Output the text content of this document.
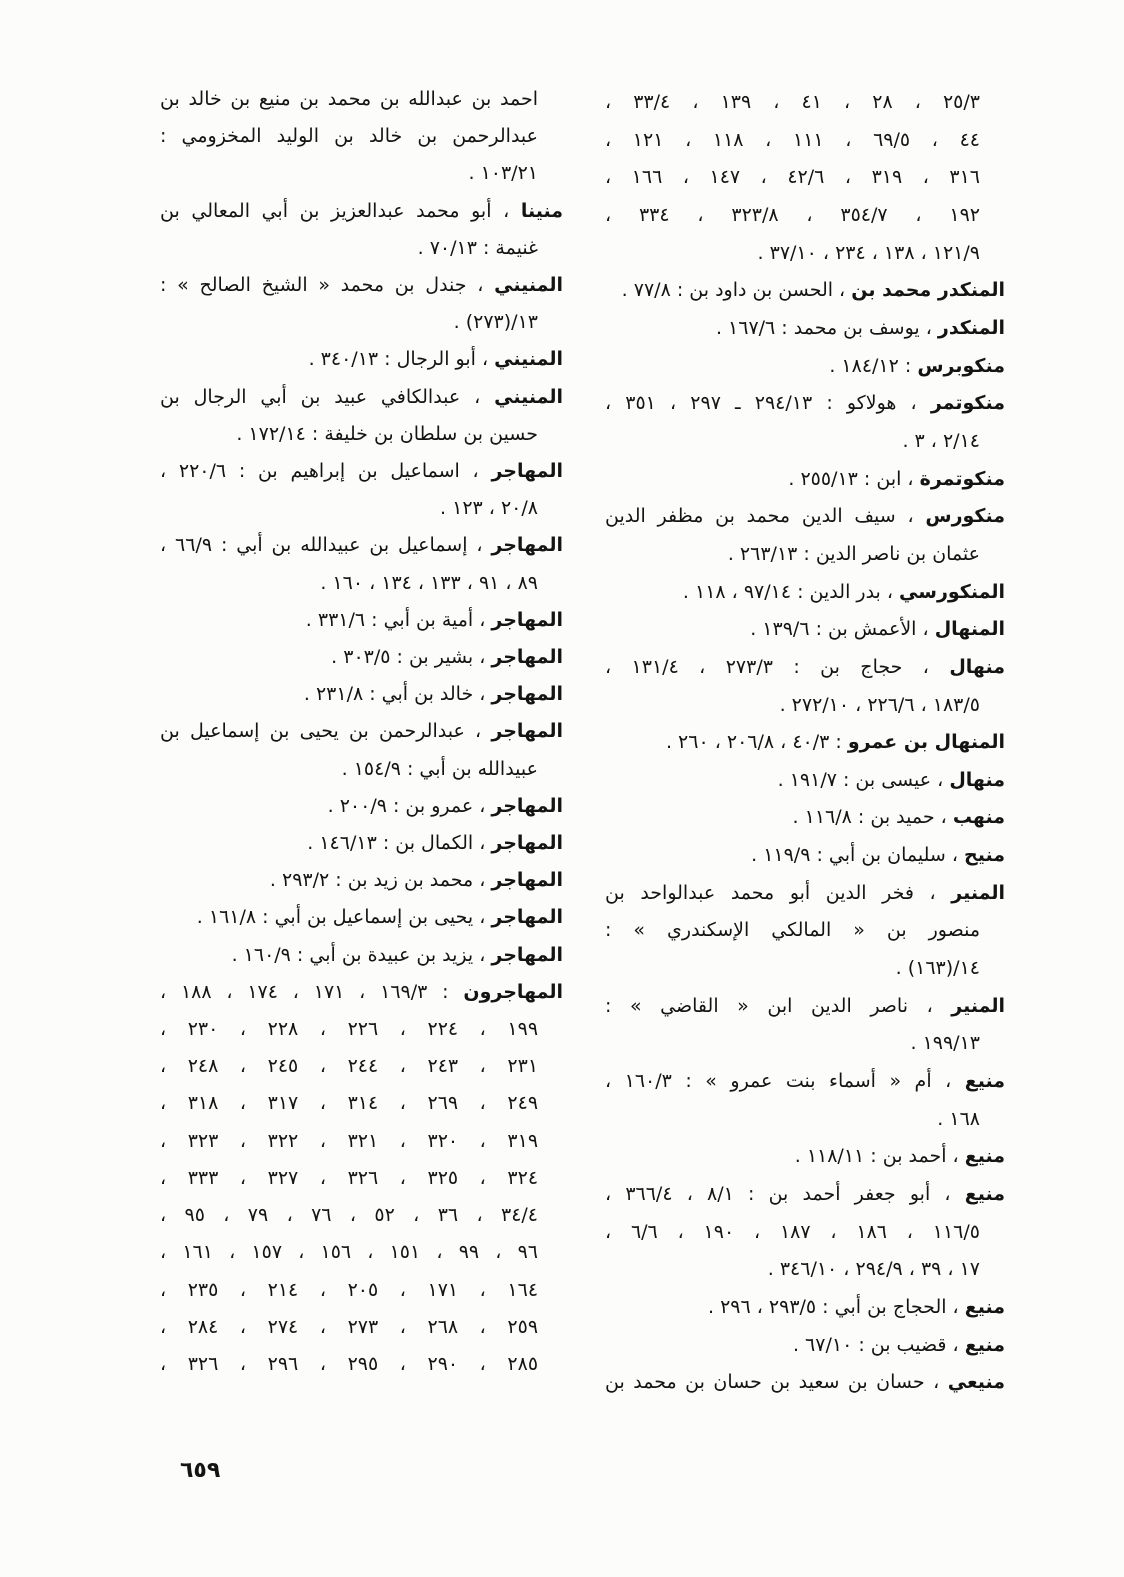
٢٥/٣ ، ٢٨ ، ٤١ ، ١٣٩ ، ٣٣/٤ ،
٤٤ ، ٦٩/٥ ، ١١١ ، ١١٨ ، ١٢١ ،
٣١٦ ، ٣١٩ ، ٤٢/٦ ، ١٤٧ ، ١٦٦ ،
١٩٢ ، ٣٥٤/٧ ، ٣٢٣/٨ ، ٣٣٤ ،
١٢١/٩ ، ١٣٨ ، ٢٣٤ ، ٣٧/١٠ .
المنكدر محمد بن ، الحسن بن داود بن : ٧٧/٨ .
المنكدر ، يوسف بن محمد : ١٦٧/٦ .
منكوبرس : ١٨٤/١٢ .
منكوتمر ، هولاكو : ٢٩٤/١٣ ـ ٢٩٧ ، ٣٥١ ،
٢/١٤ ، ٣ .
منكوتمرة ، ابن : ٢٥٥/١٣ .
منكورس ، سيف الدين محمد بن مظفر الدين
عثمان بن ناصر الدين : ٢٦٣/١٣ .
المنكورسي ، بدر الدين : ٩٧/١٤ ، ١١٨ .
المنهال ، الأعمش بن : ١٣٩/٦ .
منهال ، حجاج بن : ٢٧٣/٣ ، ١٣١/٤ ،
١٨٣/٥ ، ٢٢٦/٦ ، ٢٧٢/١٠ .
المنهال بن عمرو : ٤٠/٣ ، ٢٠٦/٨ ، ٢٦٠ .
منهال ، عيسى بن : ١٩١/٧ .
منهب ، حميد بن : ١١٦/٨ .
منيح ، سليمان بن أبي : ١١٩/٩ .
المنير ، فخر الدين أبو محمد عبدالواحد بن
منصور بن « المالكي الإسكندري » :
١٤/(١٦٣) .
المنير ، ناصر الدين ابن « القاضي » :
١٩٩/١٣ .
منيع ، أم « أسماء بنت عمرو » : ١٦٠/٣ ،
١٦٨ .
منيع ، أحمد بن : ١١٨/١١ .
منيع ، أبو جعفر أحمد بن : ٨/١ ، ٣٦٦/٤ ،
١١٦/٥ ، ١٨٦ ، ١٨٧ ، ١٩٠ ، ٦/٦ ،
١٧ ، ٣٩ ، ٢٩٤/٩ ، ٣٤٦/١٠ .
منيع ، الحجاج بن أبي : ٢٩٣/٥ ، ٢٩٦ .
منيع ، قضيب بن : ٦٧/١٠ .
منيعي ، حسان بن سعيد بن حسان بن محمد بن
احمد بن عبدالله بن محمد بن منيع بن خالد بن
عبدالرحمن بن خالد بن الوليد المخزومي :
١٠٣/٢١ .
منينا ، أبو محمد عبدالعزيز بن أبي المعالي بن
غنيمة : ٧٠/١٣ .
المنيني ، جندل بن محمد « الشيخ الصالح » :
١٣/(٢٧٣) .
المنيني ، أبو الرجال : ٣٤٠/١٣ .
المنيني ، عبدالكافي عبيد بن أبي الرجال بن
حسين بن سلطان بن خليفة : ١٧٢/١٤ .
المهاجر ، اسماعيل بن إبراهيم بن : ٢٢٠/٦ ،
٢٠/٨ ، ١٢٣ .
المهاجر ، إسماعيل بن عبيدالله بن أبي : ٦٦/٩ ،
٨٩ ، ٩١ ، ١٣٣ ، ١٣٤ ، ١٦٠ .
المهاجر ، أمية بن أبي : ٣٣١/٦ .
المهاجر ، بشير بن : ٣٠٣/٥ .
المهاجر ، خالد بن أبي : ٢٣١/٨ .
المهاجر ، عبدالرحمن بن يحيى بن إسماعيل بن
عبيدالله بن أبي : ١٥٤/٩ .
المهاجر ، عمرو بن : ٢٠٠/٩ .
المهاجر ، الكمال بن : ١٤٦/١٣ .
المهاجر ، محمد بن زيد بن : ٢٩٣/٢ .
المهاجر ، يحيى بن إسماعيل بن أبي : ١٦١/٨ .
المهاجر ، يزيد بن عبيدة بن أبي : ١٦٠/٩ .
المهاجرون : ١٦٩/٣ ، ١٧١ ، ١٧٤ ، ١٨٨ ،
١٩٩ ، ٢٢٤ ، ٢٢٦ ، ٢٢٨ ، ٢٣٠ ،
٢٣١ ، ٢٤٣ ، ٢٤٤ ، ٢٤٥ ، ٢٤٨ ،
٢٤٩ ، ٢٦٩ ، ٣١٤ ، ٣١٧ ، ٣١٨ ،
٣١٩ ، ٣٢٠ ، ٣٢١ ، ٣٢٢ ، ٣٢٣ ،
٣٢٤ ، ٣٢٥ ، ٣٢٦ ، ٣٢٧ ، ٣٣٣ ،
٣٤/٤ ، ٣٦ ، ٥٢ ، ٧٦ ، ٧٩ ، ٩٥ ،
٩٦ ، ٩٩ ، ١٥١ ، ١٥٦ ، ١٥٧ ، ١٦١ ،
١٦٤ ، ١٧١ ، ٢٠٥ ، ٢١٤ ، ٢٣٥ ،
٢٥٩ ، ٢٦٨ ، ٢٧٣ ، ٢٧٤ ، ٢٨٤ ،
٢٨٥ ، ٢٩٠ ، ٢٩٥ ، ٢٩٦ ، ٣٢٦ ،
٦٥٩
